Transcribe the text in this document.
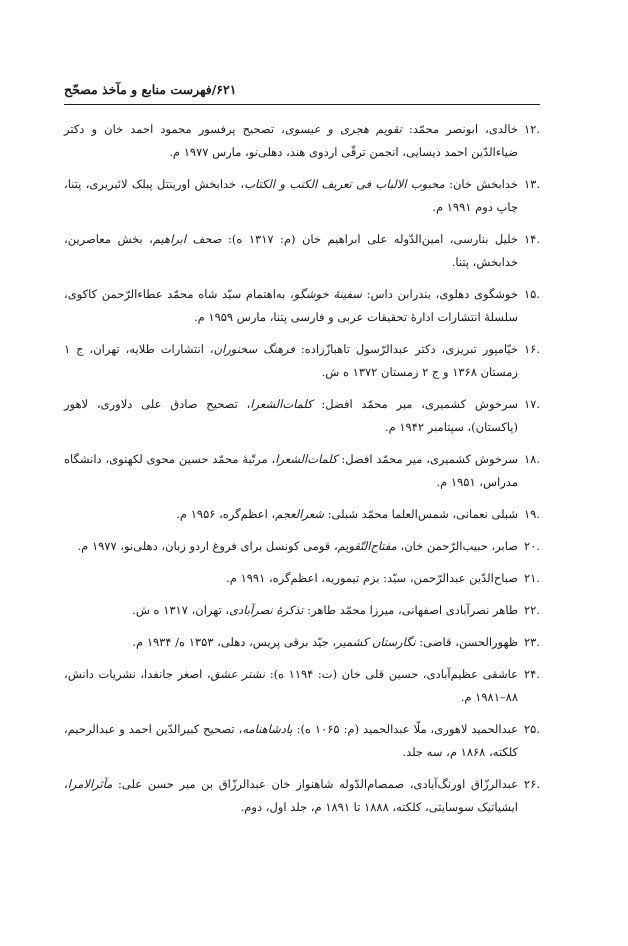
۶۲۱/فهرست منابع و مآخذ مصحّح
۱۲.
خالدی، ابونصر محمّد: تقویم هجری و عیسوی، تصحیح پرفسور محمود احمد خان و دکتر ضیاءالدّین احمد دیسایی، انجمن ترقّی اردوی هند، دهلی‌نو، مارس ۱۹۷۷ م.
۱۳.
خدابخش خان: محبوب الالباب فی تعریف الکتب و الکتاب، خدابخش اورینتل پبلک لائبریری، پتنا، چاپ دوم ۱۹۹۱ م.
۱۴.
خلیل بنارسی، امین‌الدّوله علی ابراهیم خان (م: ۱۳۱۷ ه): صحف ابراهیم، بخش معاصرین، خدابخش، پتنا.
۱۵.
خوشگوی دهلوی، بندرابن داس: سفینهٔ خوشگو، به‌اهتمام سیّد شاه محمّد عطاءالرّحمن کاکوی، سلسلهٔ انتشارات ادارهٔ تحقیقات عربی و فارسی پتنا، مارس ۱۹۵۹ م.
۱۶.
خیّامپور تبریزی، دکتر عبدالرّسول تاهبازّزاده: فرهنگ سخنوران، انتشارات طلایه، تهران، ج ۱ زمستان ۱۳۶۸ و ج ۲ زمستان ۱۳۷۲ ه ش.
۱۷.
سرخوش کشمیری، میر محمّد افضل: کلمات‌الشعرا، تصحیح صادق علی دلاوری، لاهور (پاکستان)، سپتامبر ۱۹۴۲ م.
۱۸.
سرخوش کشمیری، میر محمّد افضل: کلمات‌الشعرا، مرتّبهٔ محمّد حسین محوی لکهنوی، دانشگاه مدراس، ۱۹۵۱ م.
۱۹.
شبلی نعمانی، شمس‌العلما محمّد شبلی: شعرالعجم، اعظم‌گره، ۱۹۵۶ م.
۲۰.
صابر، حبیب‌الرّحمن خان، مفتاح‌التّقویم، قومی کونسل برای فروغ اردو زبان، دهلی‌نو، ۱۹۷۷ م.
۲۱.
صباح‌الدّین عبدالرّحمن، سیّد: بزم تیموریه، اعظم‌گره، ۱۹۹۱ م.
۲۲.
طاهر نصرآبادی اصفهانی، میرزا محمّد طاهر: تذکرهٔ نصرآبادی، تهران، ۱۳۱۷ ه ش.
۲۳.
ظهورالحسن، قاضی: نگارستان کشمیر، جیّد برقی پریس، دهلی، ۱۳۵۳ ه/ ۱۹۳۴ م.
۲۴.
عاشقی عظیم‌آبادی، حسین قلی خان (ت: ۱۱۹۴ ه): نشتر عشق، اصغر جانفدا، نشریات دانش، ۸۸–۱۹۸۱ م.
۲۵.
عبدالحمید لاهوری، ملّا عبدالحمید (م: ۱۰۶۵ ه): پادشاهنامه، تصحیح کبیرالدّین احمد و عبدالرحیم، کلکته، ۱۸۶۸ م، سه جلد.
۲۶.
عبدالرزّاق اورنگ‌آبادی، صمصام‌الدّوله شاهنواز خان عبدالرزّاق بن میر حسن علی: مآثرالامرا، ایشیاتیک سوسایتی، کلکته، ۱۸۸۸ تا ۱۸۹۱ م، جلد اول، دوم.
